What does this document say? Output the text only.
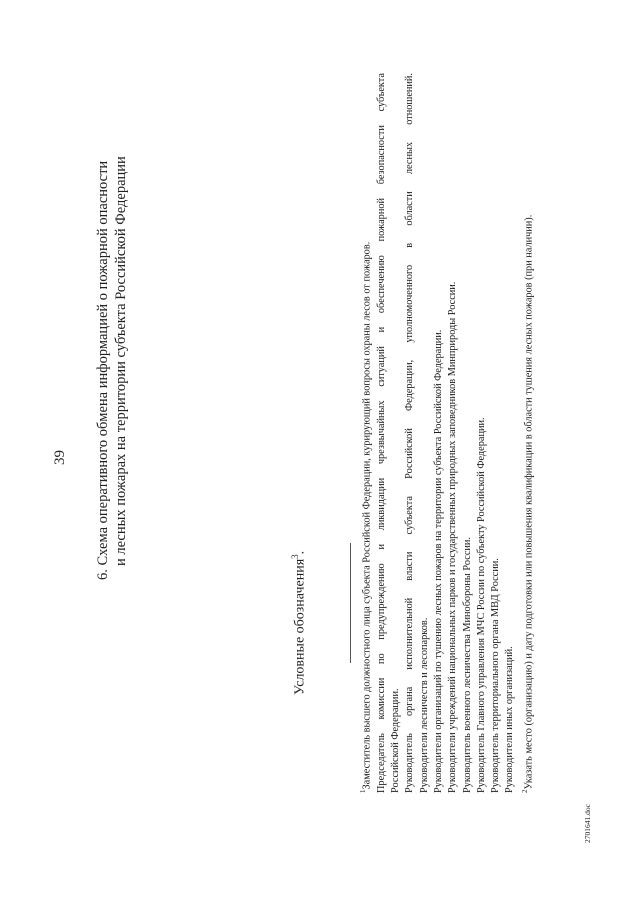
39 6. Схема оперативного обмена информацией о пожарной опасности и лесных пожарах на территории субъекта Российской Федерации
Условные обозначения$^3$.
$^1$Заместитель высшего должностного лица субъекта Российской Федерации, курирующий вопросы охраны лесов от пожаров. Председатель комиссии по предупреждению и ликвидации чрезвычайных ситуаций и обеспечению пожарной безопасности субъекта Российской Федерации. Руководитель органа исполнительной власти субъекта Российской Федерации, уполномоченного в области лесных отношений. Руководители лесничеств и лесопарков. Руководители организаций по тушению лесных пожаров на территории субъекта Российской Федерации. Руководители учреждений национальных парков и государственных природных заповедников Минприроды России. Руководитель военного лесничества Минобороны России. Руководитель Главного управления МЧС России по субъекту Российской Федерации. Руководитель территориального органа МВД России. Руководители иных организаций. $^2$Указать место (организацию) и дату подготовки или повышения квалификации в области тушения лесных пожаров (при наличии).
2701641.doc
